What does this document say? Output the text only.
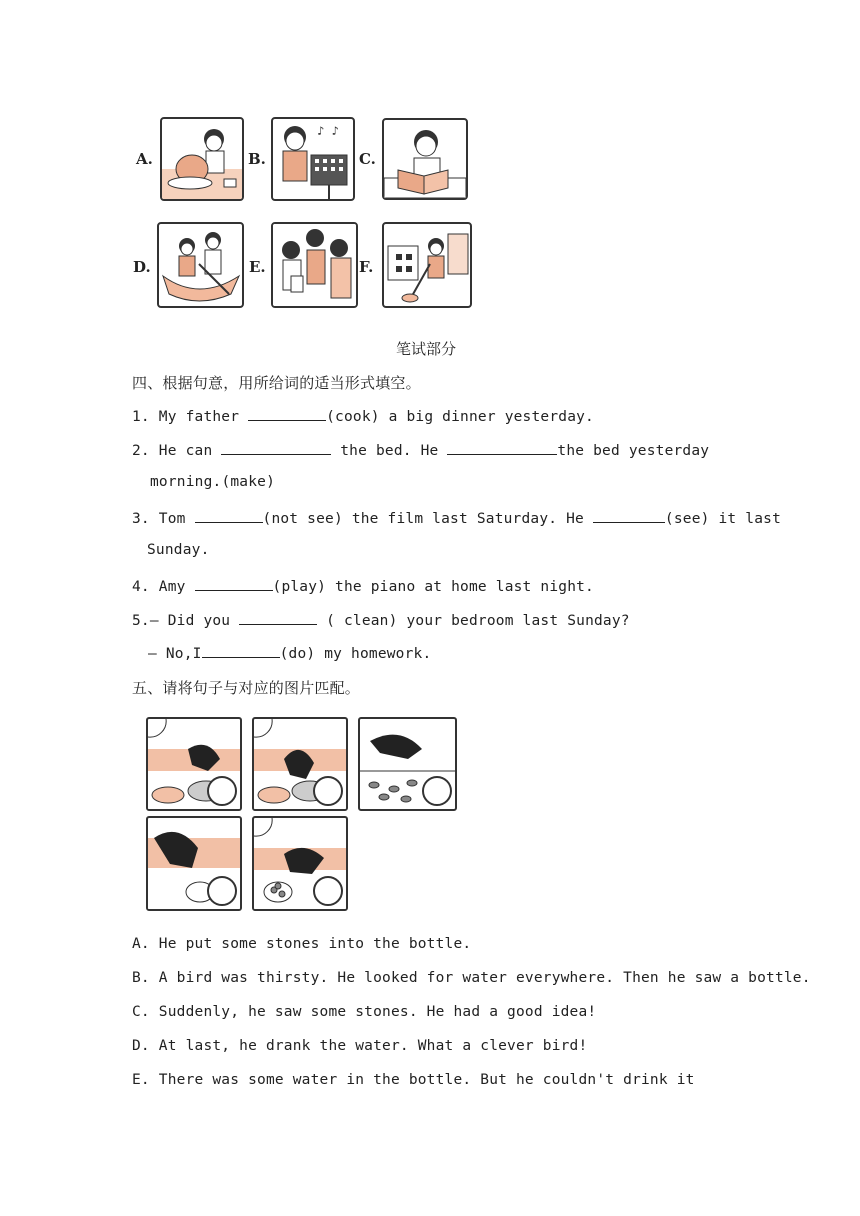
A.	B.
♪ ♪
C.
D.	E.	F.
笔试部分
四、根据句意，用所给词的适当形式填空。
1. My father	(cook) a big dinner yesterday.
2. He can	the bed. He	the bed yesterday
morning.(make)
3. Tom	(not see) the film last Saturday. He	(see) it last
Sunday.
4. Amy	(play) the piano at home last night.
5.— Did you	( clean) your bedroom last Sunday?
— No,I	(do) my homework.
五、请将句子与对应的图片匹配。
A. He put some stones into the bottle.
B. A bird was thirsty. He looked for water everywhere. Then he saw a bottle.
C. Suddenly, he saw some stones. He had a good idea!
D. At last, he drank the water. What a clever bird!
E. There was some water in the bottle. But he couldn't drink it
